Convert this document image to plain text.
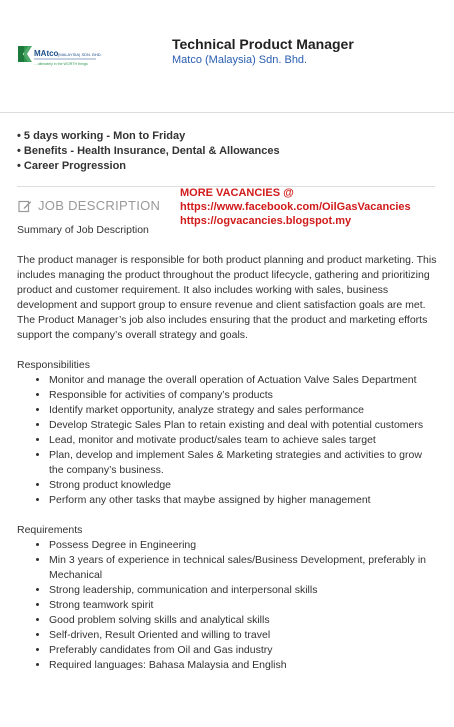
MAtco (MALAYSIA) SDN. BHD.
…ultimately in the WORTH things
Technical Product Manager
Matco (Malaysia) Sdn. Bhd.
• 5 days working - Mon to Friday
• Benefits - Health Insurance, Dental & Allowances
• Career Progression
JOB DESCRIPTION
MORE VACANCIES @
https://www.facebook.com/OilGasVacancies
https://ogvacancies.blogspot.my

Summary of Job Description

The product manager is responsible for both product planning and product marketing. This includes managing the product throughout the product lifecycle, gathering and prioritizing product and customer requirement. It also includes working with sales, business development and support group to ensure revenue and client satisfaction goals are met. The Product Manager’s job also includes ensuring that the product and marketing efforts support the company’s overall strategy and goals.

Responsibilities

• Monitor and manage the overall operation of Actuation Valve Sales Department
• Responsible for activities of company’s products
• Identify market opportunity, analyze strategy and sales performance
• Develop Strategic Sales Plan to retain existing and deal with potential customers
• Lead, monitor and motivate product/sales team to achieve sales target
• Plan, develop and implement Sales & Marketing strategies and activities to grow the company’s business.
• Strong product knowledge
• Perform any other tasks that maybe assigned by higher management

Requirements

• Possess Degree in Engineering
• Min 3 years of experience in technical sales/Business Development, preferably in Mechanical
• Strong leadership, communication and interpersonal skills
• Strong teamwork spirit
• Good problem solving skills and analytical skills
• Self-driven, Result Oriented and willing to travel
• Preferably candidates from Oil and Gas industry
• Required languages: Bahasa Malaysia and English
